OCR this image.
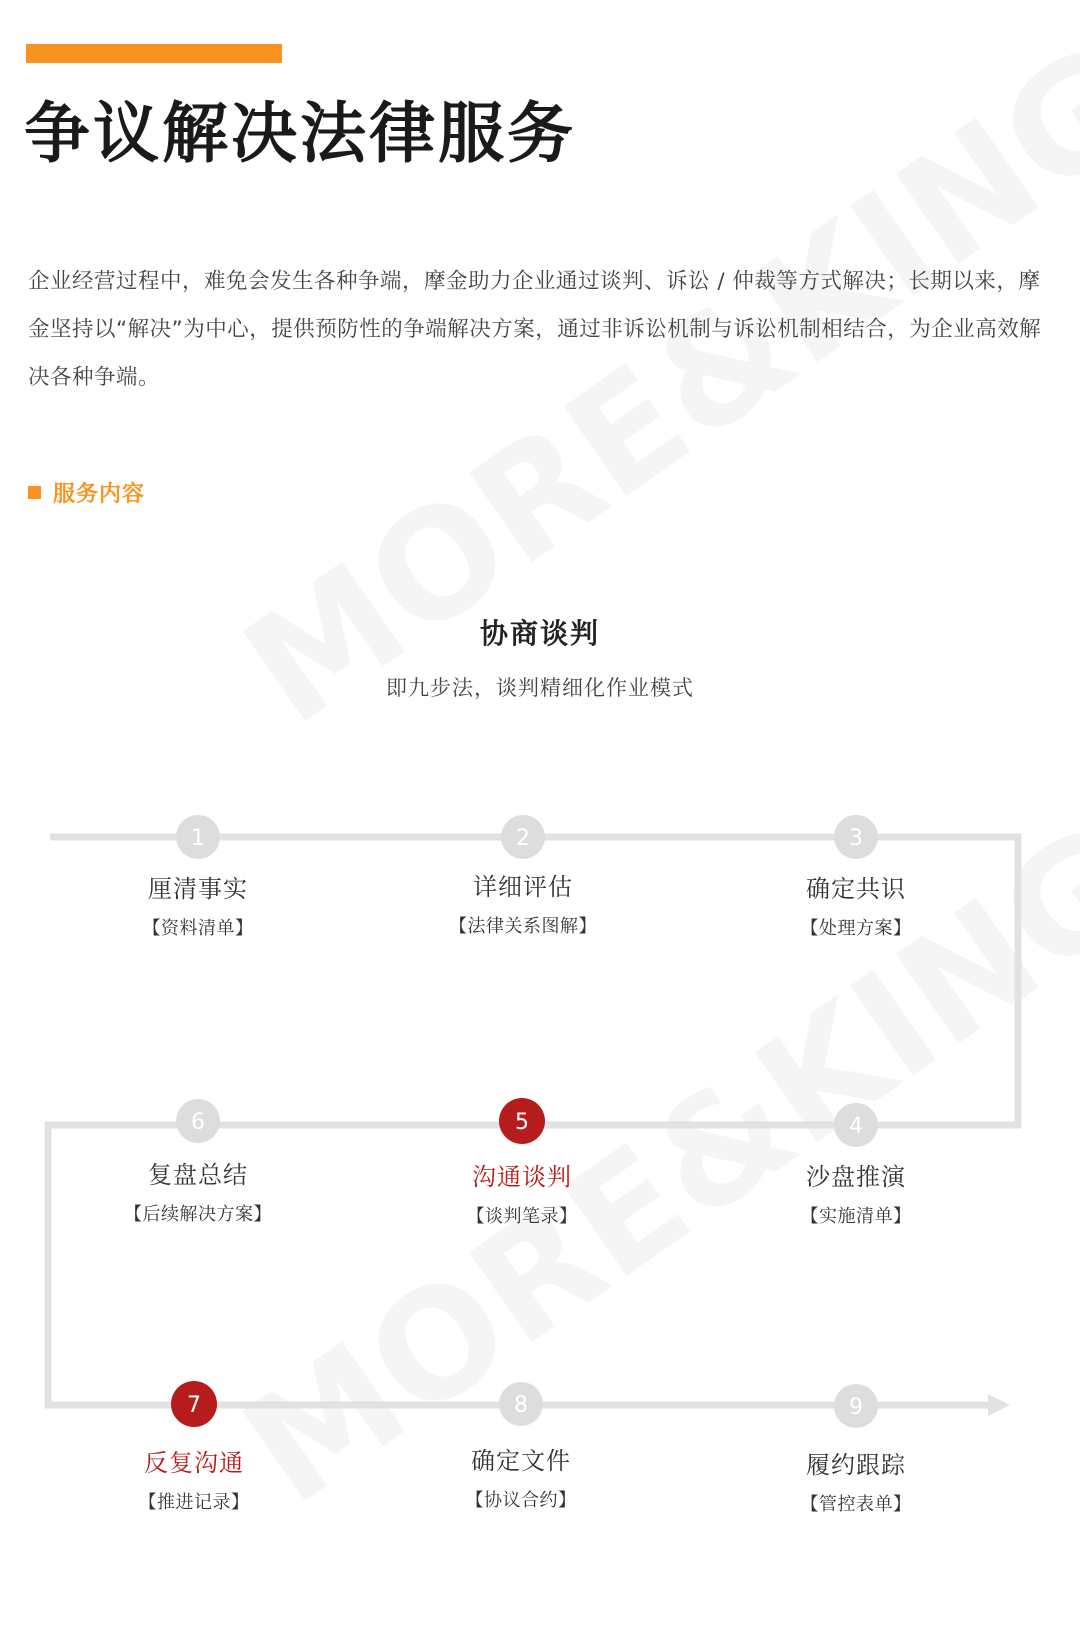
争议解决法律服务

企业经营过程中，难免会发生各种争端，摩金助力企业通过谈判、诉讼 / 仲裁等方式解决；长期以来，摩金坚持以“解决”为中心，提供预防性的争端解决方案，通过非诉讼机制与诉讼机制相结合，为企业高效解决各种争端。

服务内容
协商谈判
即九步法，谈判精细化作业模式
1	2	3
4
5
6
7	8	9
厘清事实
【资料清单】
详细评估
【法律关系图解】
确定共识
【处理方案】
沙盘推演
【实施清单】
沟通谈判
【谈判笔录】
复盘总结
【后续解决方案】
反复沟通
【推进记录】
确定文件
【协议合约】
履约跟踪
【管控表单】
